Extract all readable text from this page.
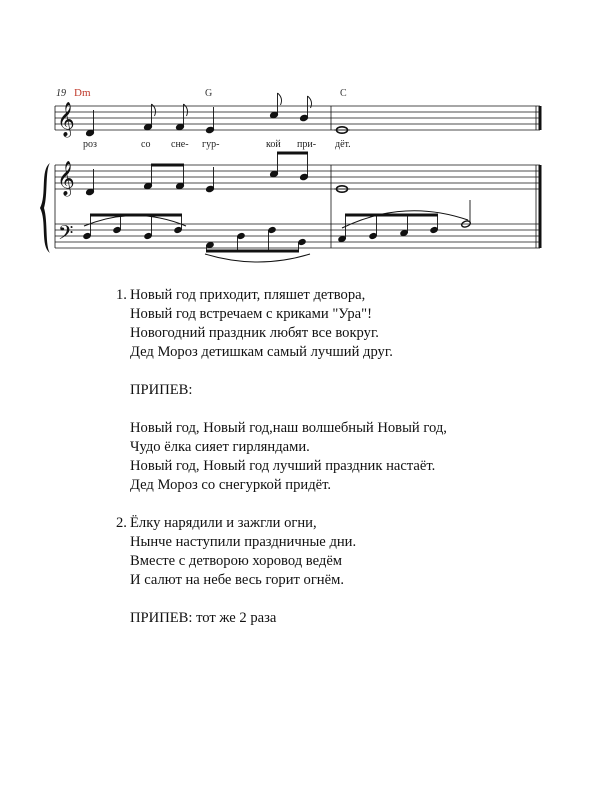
19 Dm	G	C
𝄞
роз	со сне- гур-	кой при- дёт.
𝄞
𝄢
1. Новый год приходит, пляшет детвора,
Новый год встречаем с криками "Ура"!
Новогодний праздник любят все вокруг.
Дед Мороз детишкам самый лучший друг.
ПРИПЕВ:
Новый год, Новый год,наш волшебный Новый год,
Чудо ёлка сияет гирляндами.
Новый год, Новый год лучший праздник настаёт.
Дед Мороз со снегуркой придёт.
2. Ёлку нарядили и зажгли огни,
Нынче наступили праздничные дни.
Вместе с детворою хоровод ведём
И салют на небе весь горит огнём.
ПРИПЕВ: тот же 2 раза
